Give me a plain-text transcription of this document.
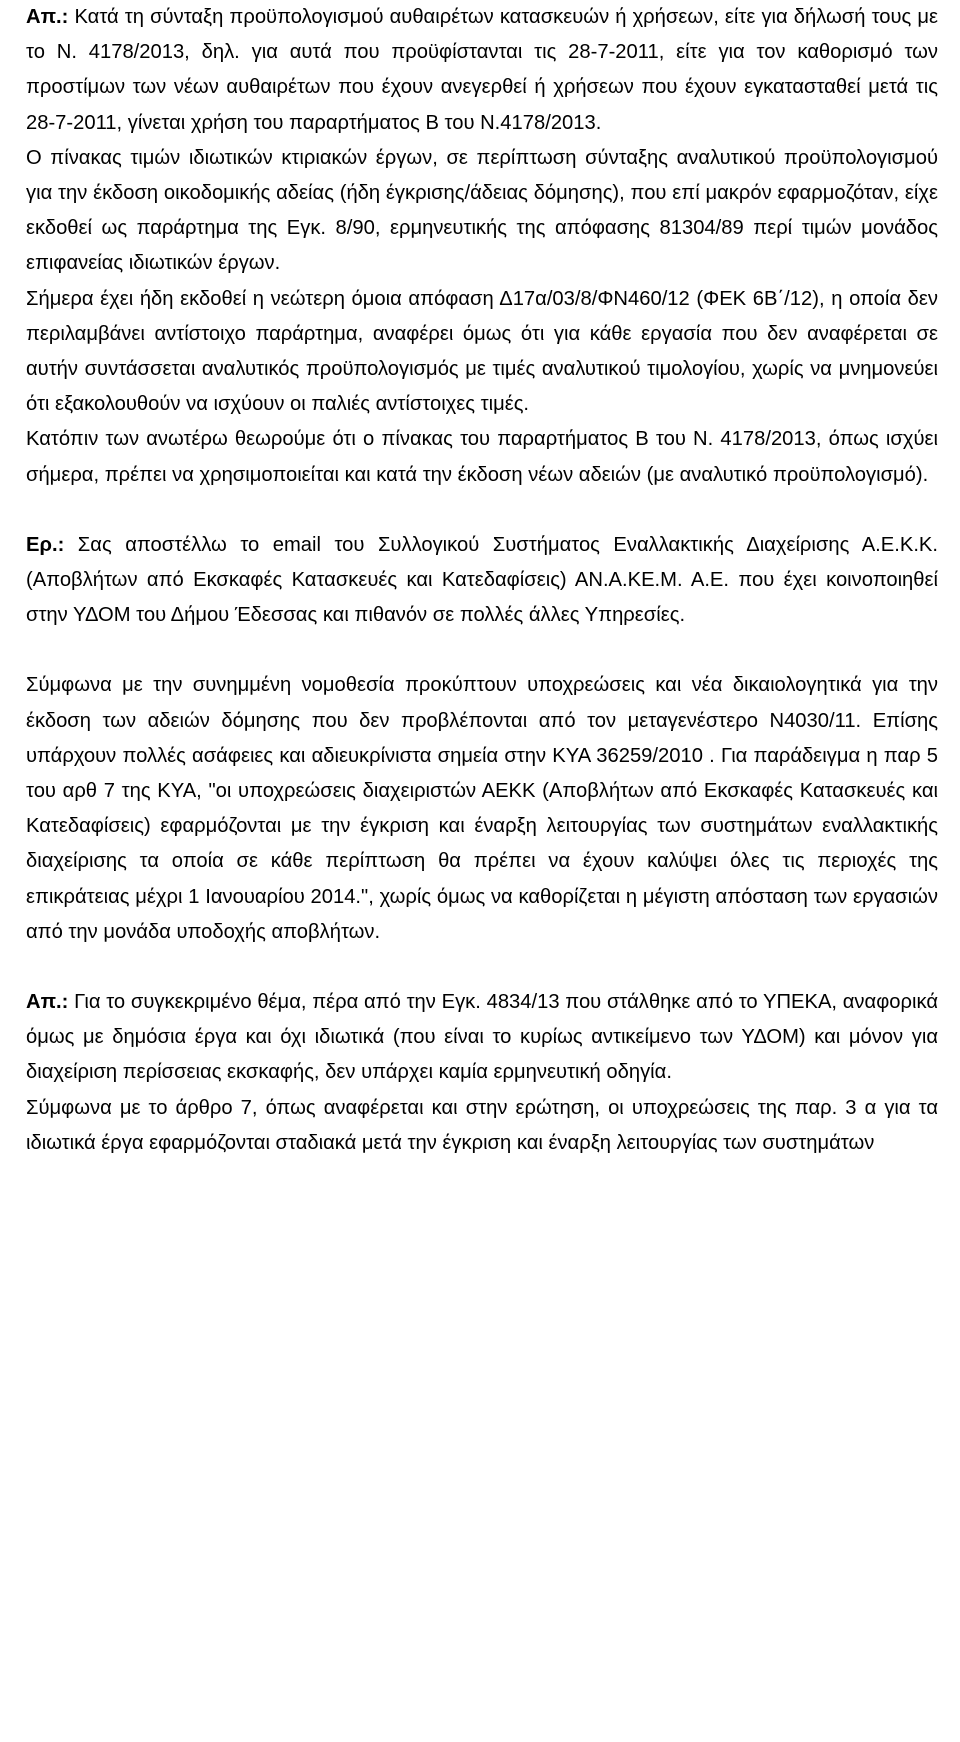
Απ.: Κατά τη σύνταξη προϋπολογισμού αυθαιρέτων κατασκευών ή χρήσεων, είτε για δήλωσή τους με το Ν. 4178/2013, δηλ. για αυτά που προϋφίστανται τις 28-7-2011, είτε για τον καθορισμό των προστίμων των νέων αυθαιρέτων που έχουν ανεγερθεί ή χρήσεων που έχουν εγκατασταθεί μετά τις 28-7-2011, γίνεται χρήση του παραρτήματος Β του Ν.4178/2013.

Ο πίνακας τιμών ιδιωτικών κτιριακών έργων, σε περίπτωση σύνταξης αναλυτικού προϋπολογισμού για την έκδοση οικοδομικής αδείας (ήδη έγκρισης/άδειας δόμησης), που επί μακρόν εφαρμοζόταν, είχε εκδοθεί ως παράρτημα της Εγκ. 8/90, ερμηνευτικής της απόφασης 81304/89 περί τιμών μονάδος επιφανείας ιδιωτικών έργων.

Σήμερα έχει ήδη εκδοθεί η νεώτερη όμοια απόφαση Δ17α/03/8/ΦΝ460/12 (ΦΕΚ 6Β΄/12), η οποία δεν περιλαμβάνει αντίστοιχο παράρτημα, αναφέρει όμως ότι για κάθε εργασία που δεν αναφέρεται σε αυτήν συντάσσεται αναλυτικός προϋπολογισμός με τιμές αναλυτικού τιμολογίου, χωρίς να μνημονεύει ότι εξακολουθούν να ισχύουν οι παλιές αντίστοιχες τιμές.

Κατόπιν των ανωτέρω θεωρούμε ότι ο πίνακας του παραρτήματος Β του Ν. 4178/2013, όπως ισχύει σήμερα, πρέπει να χρησιμοποιείται και κατά την έκδοση νέων αδειών (με αναλυτικό προϋπολογισμό).

Ερ.: Σας αποστέλλω το email του Συλλογικού Συστήματος Εναλλακτικής Διαχείρισης Α.Ε.Κ.Κ. (Αποβλήτων από Εκσκαφές Κατασκευές και Κατεδαφίσεις) ΑΝ.Α.ΚΕ.Μ. Α.Ε. που έχει κοινοποιηθεί στην ΥΔΟΜ του Δήμου Έδεσσας και πιθανόν σε πολλές άλλες Υπηρεσίες.

Σύμφωνα με την συνημμένη νομοθεσία προκύπτουν υποχρεώσεις και νέα δικαιολογητικά για την έκδοση των αδειών δόμησης που δεν προβλέπονται από τον μεταγενέστερο Ν4030/11. Επίσης υπάρχουν πολλές ασάφειες και αδιευκρίνιστα σημεία στην ΚΥΑ 36259/2010 . Για παράδειγμα η παρ 5 του αρθ 7 της ΚΥΑ, "οι υποχρεώσεις διαχειριστών ΑΕΚΚ (Αποβλήτων από Εκσκαφές Κατασκευές και Κατεδαφίσεις) εφαρμόζονται με την έγκριση και έναρξη λειτουργίας των συστημάτων εναλλακτικής διαχείρισης τα οποία σε κάθε περίπτωση θα πρέπει να έχουν καλύψει όλες τις περιοχές της επικράτειας μέχρι 1 Ιανουαρίου 2014.", χωρίς όμως να καθορίζεται η μέγιστη απόσταση των εργασιών από την μονάδα υποδοχής αποβλήτων.

Απ.: Για το συγκεκριμένο θέμα, πέρα από την Εγκ. 4834/13 που στάλθηκε από το ΥΠΕΚΑ, αναφορικά όμως με δημόσια έργα και όχι ιδιωτικά (που είναι το κυρίως αντικείμενο των ΥΔΟΜ) και μόνον για διαχείριση περίσσειας εκσκαφής, δεν υπάρχει καμία ερμηνευτική οδηγία.

Σύμφωνα με το άρθρο 7, όπως αναφέρεται και στην ερώτηση, οι υποχρεώσεις της παρ. 3 α για τα ιδιωτικά έργα εφαρμόζονται σταδιακά μετά την έγκριση και έναρξη λειτουργίας των συστημάτων
